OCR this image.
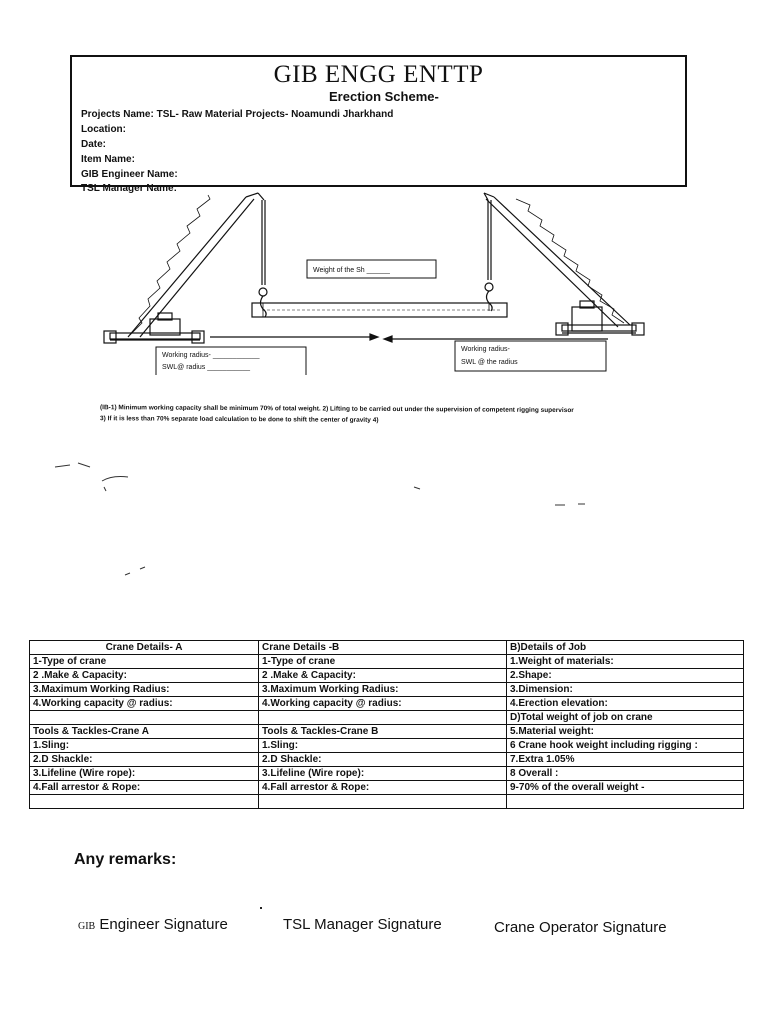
GIB ENGG ENTTP
Erection Scheme-
Projects Name: TSL- Raw Material Projects- Noamundi Jharkhand
Location:
Date:
Item Name:
GIB Engineer Name:
TSL Manager Name:
Weight of the Sh ______
Working radius- ____________
SWL@ radius ___________
Working radius-
SWL @ the radius
(IB-1) Minimum working capacity shall be minimum 70% of total weight. 2) Lifting to be carried out under the supervision of competent rigging supervisor
3) If it is less than 70% separate load calculation to be done to shift the center of gravity 4)
Crane Details- A	Crane Details -B	B)Details of Job
1-Type of crane	1-Type of crane	1.Weight of materials:
2 .Make & Capacity:	2 .Make & Capacity:	2.Shape:
3.Maximum Working Radius:	3.Maximum Working Radius:	3.Dimension:
4.Working capacity @ radius:	4.Working capacity @ radius:	4.Erection elevation:
		D)Total weight of job on crane
Tools & Tackles-Crane A	Tools & Tackles-Crane B	5.Material weight:
1.Sling:	1.Sling:	6 Crane hook weight including rigging :
2.D Shackle:	2.D Shackle:	7.Extra 1.05%
3.Lifeline (Wire rope):	3.Lifeline (Wire rope):	8 Overall :
4.Fall arrestor & Rope:	4.Fall arrestor & Rope:	9-70% of the overall weight -

Any remarks:
GIB Engineer Signature	TSL Manager Signature	Crane Operator Signature
